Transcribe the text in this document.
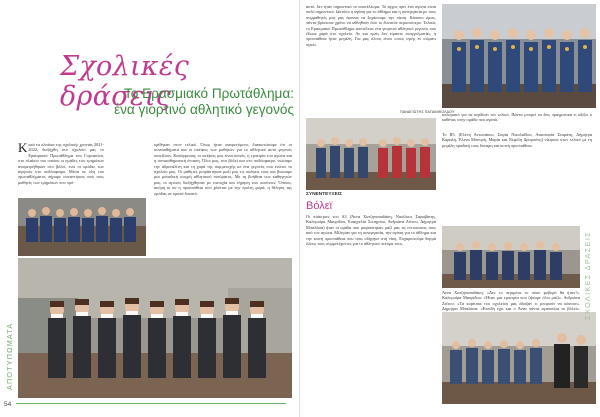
Σχολικές δράσεις
Το Ερασμιακό Πρωτάθλημα:
ένα γιορτινό αθλητικό γεγονός
Κ ατά τα πλαίσια της σχολικής χρονιάς 2021-2022, διεξήχθη στο σχολείο μας το Ερασμιακό Πρωτάθλημα του Γυμνασίου, στο πλαίσιο του οποίου οι ομάδες των τμημάτων αναμετρήθηκαν στο βόλεϊ, ενώ οι ομάδες των αγοριών στο ποδόσφαιρο. Μέσα σε όλη του πρωταθλήματος πήραμε συναντήσεις από τους μαθητές των τμημάτων που πρό-
κρίθηκαν στον τελικό. Όπως ήταν αναμενόμενο, διαπιστώσαμε ότι οι συναισθήματα και οι σκέψεις των μαθητών για το αθλητικό αυτό γεγονός ποικίλουν. Κατάρρευση, οι σκέψεις μας είναι κοινές, η εμπειρία του αγώνα και η συναισθηματική ένταση. Όλοι μας, στο βόλεϊ και στο ποδόσφαιρο, νιώσαμε την αδρεναλίνη και τη χαρά της συμμετοχής σε ένα γεγονός που ενώνει το σχολείο μας. Οι μαθητές μοιράστηκαν μαζί μας τις σκέψεις τους και βιώσαμε μια μοναδική στιγμή αθλητικού πνεύματος. Με τη βοήθεια των καθηγητών μας, οι αγώνες διεξήχθησαν με επιτυχία και τήρηση των κανόνων. Όποιος, ακόμη κι αν η προσπάθεια σου χάνεται με την πρώτη φορά, η θέληση της ομάδας σε κρατά δυνατό.
ΑΠΟΤΥΠΩΜΑΤΑ
54
αυτό, δεν ήταν σημαντικό το αποτέλεσμα. Το άγχος πριν ένα αγώνα είναι πολύ σημαντικό. Ωστόσο η αγάπη για το άθλημα και η συνεργασία με τους συμμαθητές μας μας έκαναν να ξεχάσουμε την πίεση. Κάποιοι όμως, πάντα βρίσκουν χρόνο να αθληθούν όσο το δυνατόν περισσότερο. Τελικά, το Ερασμιακό Πρωτάθλημα αποτέλεσε ένα γιορτινό αθλητικό γεγονός που έδωσε χαρά στο σχολείο. Αν και εμείς δεν είμαστε επαγγελματίες, η προσπάθεια ήταν μεγάλη. Για μας όλους είναι «νους υγιής εν σώματι υγιεί».
ΠΑΝΑΓΙΩΤΗΣ ΠΑΠΑΝΙΚΟΛΑΟΥ
κολεγιακό για να κερδίσει τον τελικό. Πάντα μπορεί να δεις πραγματικά τι αξίζει ο καθένας στην ομάδα που αγαπά.
Το Β5, (Ελένη Αντωνάκου, Σοφία Νικολαΐδου, Αναστασία Σταμάτη, Δήμητρα Καραλή, Έλενα Μπουρή, Μαρία και Νεφέλη Δρομπόνη) νίκησαν στον τελικό με τη μεγάλη ομαδική τους δύναμη και κοινή προσπάθεια.
ΣΥΝΕΝΤΕΥΞΕΙΣ
Βόλεϊ
Οι παίκτριες του Α3 (Άννα Χατζηπαπαδάκη, Νικόλαος Σαραβάνης, Καλομοίρα Μαυρίδου, Ευαγγελία Σωτηρίου, Ανδριάνα Ζεΐτου, Δήμητρα Μπαλάσα) ήταν οι ομάδα που μοιράστηκαν μαζί μας τις εντυπώσεις τους από τον αγώνα. Μίλησαν για τη συνεργασία, την αγάπη για το άθλημα και την κοινή προσπάθεια που τους οδήγησε στη νίκη. Ευχαριστούμε θερμά όλους τους συμμετέχοντες για το αθλητικό πνεύμα τους.
Άννα Χατζηπαπαδάκη: «Δεν το περιμένα το πόσο φοβερό θα ήταν!». Καλομοίρα Μαυρίδου: «Ήταν μια εμπειρία που ζήσαμε όλοι μαζί». Ανδριάνα Ζεΐτου: «Τα κορίτσια του σχολείου μας έδειξαν τι μπορούν να κάνουν». Δήμητρα Μπαλάσα: «Επειδή έχω και ο Άννα πάντα αγαπούσα το βόλεϊ». ΣΧΟΛΙΚΕΣ ΔΡΑΣΕΙΣ
